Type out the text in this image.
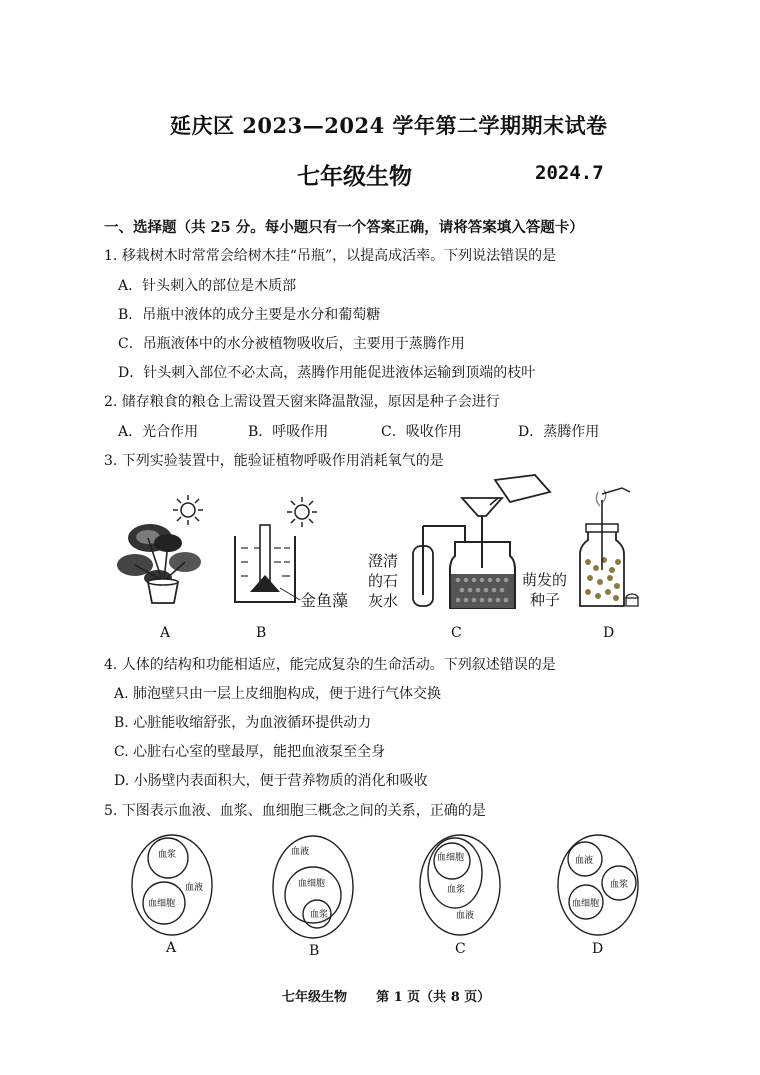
延庆区 2023—2024 学年第二学期期末试卷
七年级生物	2024.7
一、选择题（共 25 分。每小题只有一个答案正确，请将答案填入答题卡）
1. 移栽树木时常常会给树木挂“吊瓶”，以提高成活率。下列说法错误的是
A．针头刺入的部位是木质部
B．吊瓶中液体的成分主要是水分和葡萄糖
C．吊瓶液体中的水分被植物吸收后，主要用于蒸腾作用
D．针头刺入部位不必太高，蒸腾作用能促进液体运输到顶端的枝叶
2. 储存粮食的粮仓上需设置天窗来降温散湿，原因是种子会进行
A．光合作用	B．呼吸作用	C．吸收作用	D．蒸腾作用
3. 下列实验装置中，能验证植物呼吸作用消耗氧气的是
金鱼藻
澄清
的石
灰水
萌发的
种子
A	B	C	D
4. 人体的结构和功能相适应，能完成复杂的生命活动。下列叙述错误的是
A. 肺泡壁只由一层上皮细胞构成，便于进行气体交换
B. 心脏能收缩舒张，为血液循环提供动力
C. 心脏右心室的壁最厚，能把血液泵至全身
D. 小肠壁内表面积大，便于营养物质的消化和吸收
5. 下图表示血液、血浆、血细胞三概念之间的关系，正确的是
血浆
血液
血细胞
血液
血细胞
血浆
血细胞
血浆
血液
血液
血浆
血细胞
A	B	C	D
七年级生物 第 1 页（共 8 页）
